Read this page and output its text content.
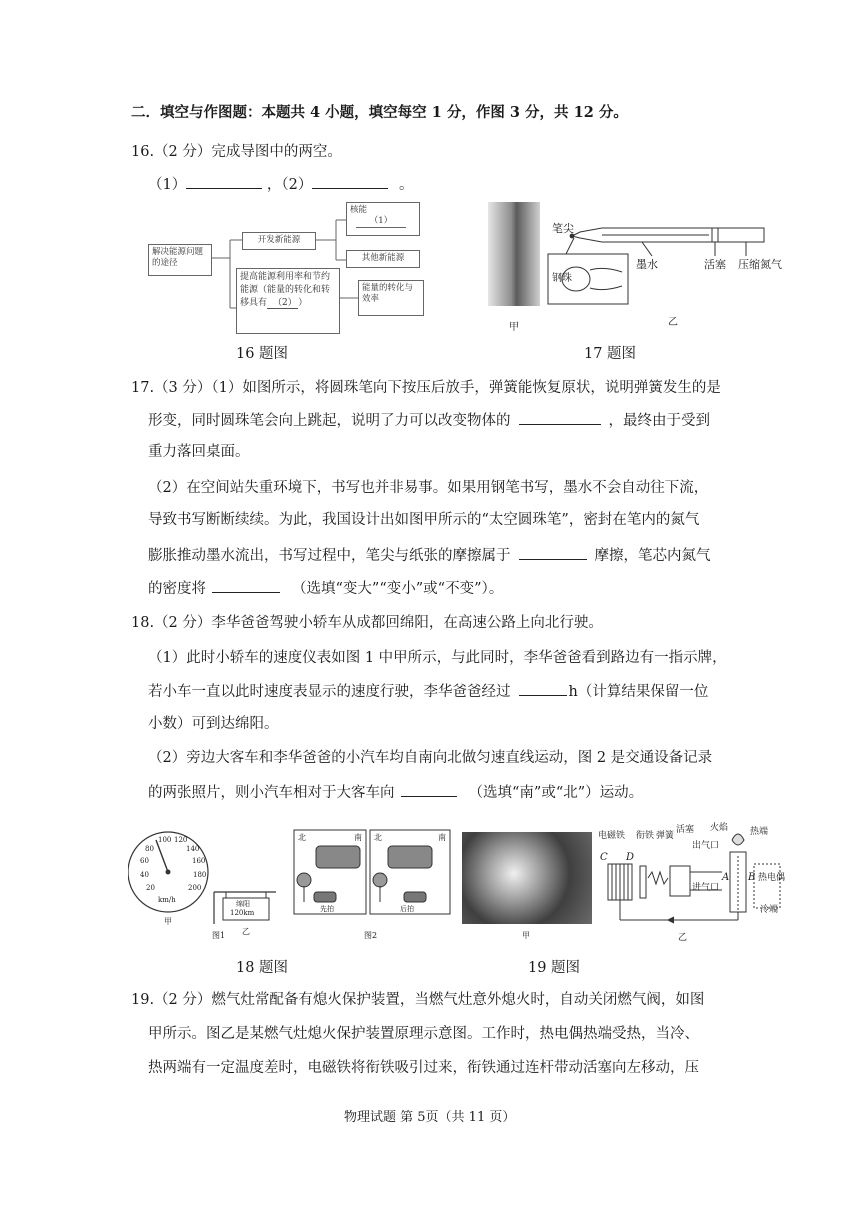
二．填空与作图题：本题共 4 小题，填空每空 1 分，作图 3 分，共 12 分。
16.（2 分）完成导图中的两空。
（1）	，（2）	。
解决能源问题的途径
开发新能源
核能
（1）
其他新能源
提高能源利用率和节约能源（能量的转化和转移具有 （2） ）
能量的转化与效率
甲
笔尖
墨水	活塞 压缩氮气
钢珠
乙
16 题图	17 题图
17.（3 分）（1）如图所示，将圆珠笔向下按压后放手，弹簧能恢复原状，说明弹簧发生的是
形变，同时圆珠笔会向上跳起，说明了力可以改变物体的	，最终由于受到
重力落回桌面。
（2）在空间站失重环境下，书写也并非易事。如果用钢笔书写，墨水不会自动往下流，
导致书写断断续续。为此，我国设计出如图甲所示的“太空圆珠笔”，密封在笔内的氮气
膨胀推动墨水流出，书写过程中，笔尖与纸张的摩擦属于	摩擦，笔芯内氮气
的密度将	（选填“变大”“变小”或“不变”）。
18.（2 分）李华爸爸驾驶小轿车从成都回绵阳，在高速公路上向北行驶。
（1）此时小轿车的速度仪表如图 1 中甲所示，与此同时，李华爸爸看到路边有一指示牌，
若小车一直以此时速度表显示的速度行驶，李华爸爸经过	h（计算结果保留一位
小数）可到达绵阳。
（2）旁边大客车和李华爸爸的小汽车均自南向北做匀速直线运动，图 2 是交通设备记录
的两张照片，则小汽车相对于大客车向	（选填“南”或“北”）运动。
20
40
60
80
100 120
140
160
180
200
km/h	绵阳
120km
甲
乙
图1	图2
北	南 北	南
先拍	后拍
甲
电磁铁 衔铁 弹簧
活塞 火焰 热端
出气口
进气口
热电偶
冷端
C D
A B
乙
18 题图	19 题图
19.（2 分）燃气灶常配备有熄火保护装置，当燃气灶意外熄火时，自动关闭燃气阀，如图
甲所示。图乙是某燃气灶熄火保护装置原理示意图。工作时，热电偶热端受热，当冷、
热两端有一定温度差时，电磁铁将衔铁吸引过来，衔铁通过连杆带动活塞向左移动，压
物理试题 第 5页（共 11 页）
